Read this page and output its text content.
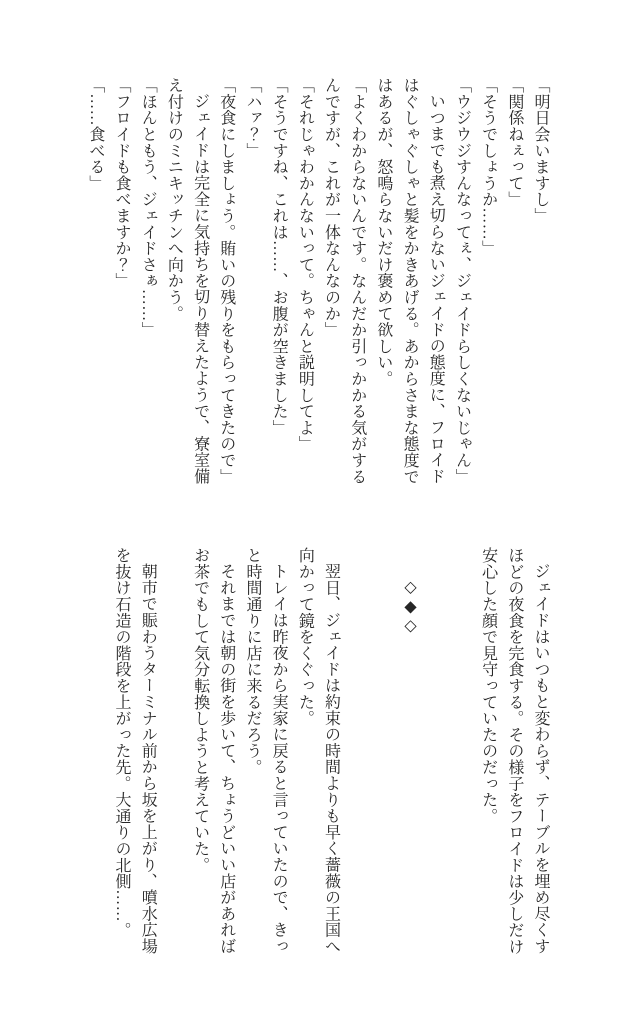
「明日会いますし」

「関係ねぇって」

「そうでしょうか……」

「ウジウジすんなってぇ、ジェイドらしくないじゃん」

いつまでも煮え切らないジェイドの態度に、フロイド

はぐしゃぐしゃと髪をかきあげる。あからさまな態度で

はあるが、怒鳴らないだけ褒めて欲しい。

「よくわからないんです。なんだか引っかかる気がする

んですが、これが一体なんなのか」

「それじゃわかんないって。ちゃんと説明してよ」

「そうですね、これは……、お腹が空きました」

「ハァ？」

「夜食にしましょう。賄いの残りをもらってきたので」

ジェイドは完全に気持ちを切り替えたようで、寮室備

え付けのミニキッチンへ向かう。

「ほんともう、ジェイドさぁ……」

「フロイドも食べますか？」

「……食べる」

ジェイドはいつもと変わらず、テーブルを埋め尽くす

ほどの夜食を完食する。その様子をフロイドは少しだけ

安心した顔で見守っていたのだった。

◇◆◇

翌日、ジェイドは約束の時間よりも早く薔薇の王国へ

向かって鏡をくぐった。

トレイは昨夜から実家に戻ると言っていたので、きっ

と時間通りに店に来るだろう。

それまでは朝の街を歩いて、ちょうどいい店があれば

お茶でもして気分転換しようと考えていた。

朝市で賑わうターミナル前から坂を上がり、噴水広場

を抜け石造の階段を上がった先。大通りの北側……。
